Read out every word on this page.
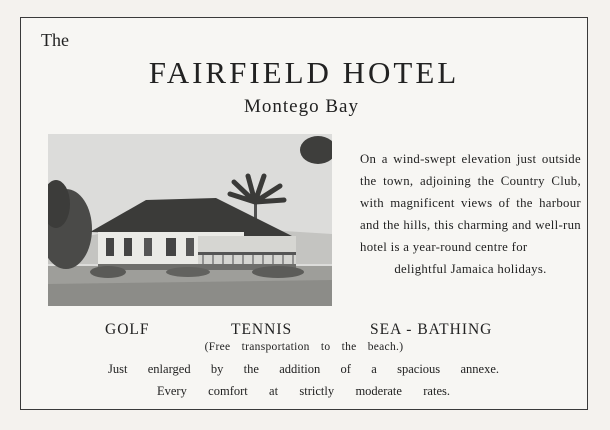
The
FAIRFIELD HOTEL
Montego Bay
On a wind-swept elevation just outside the town, adjoining the Country Club, with magnificent views of the harbour and the hills, this charming and well-run hotel is a year-round centre for
delightful Jamaica holidays.
GOLF	TENNIS	SEA - BATHING
(Free transportation to the beach.)
Just enlarged by the addition of a spacious annexe.
Every comfort at strictly moderate rates.
